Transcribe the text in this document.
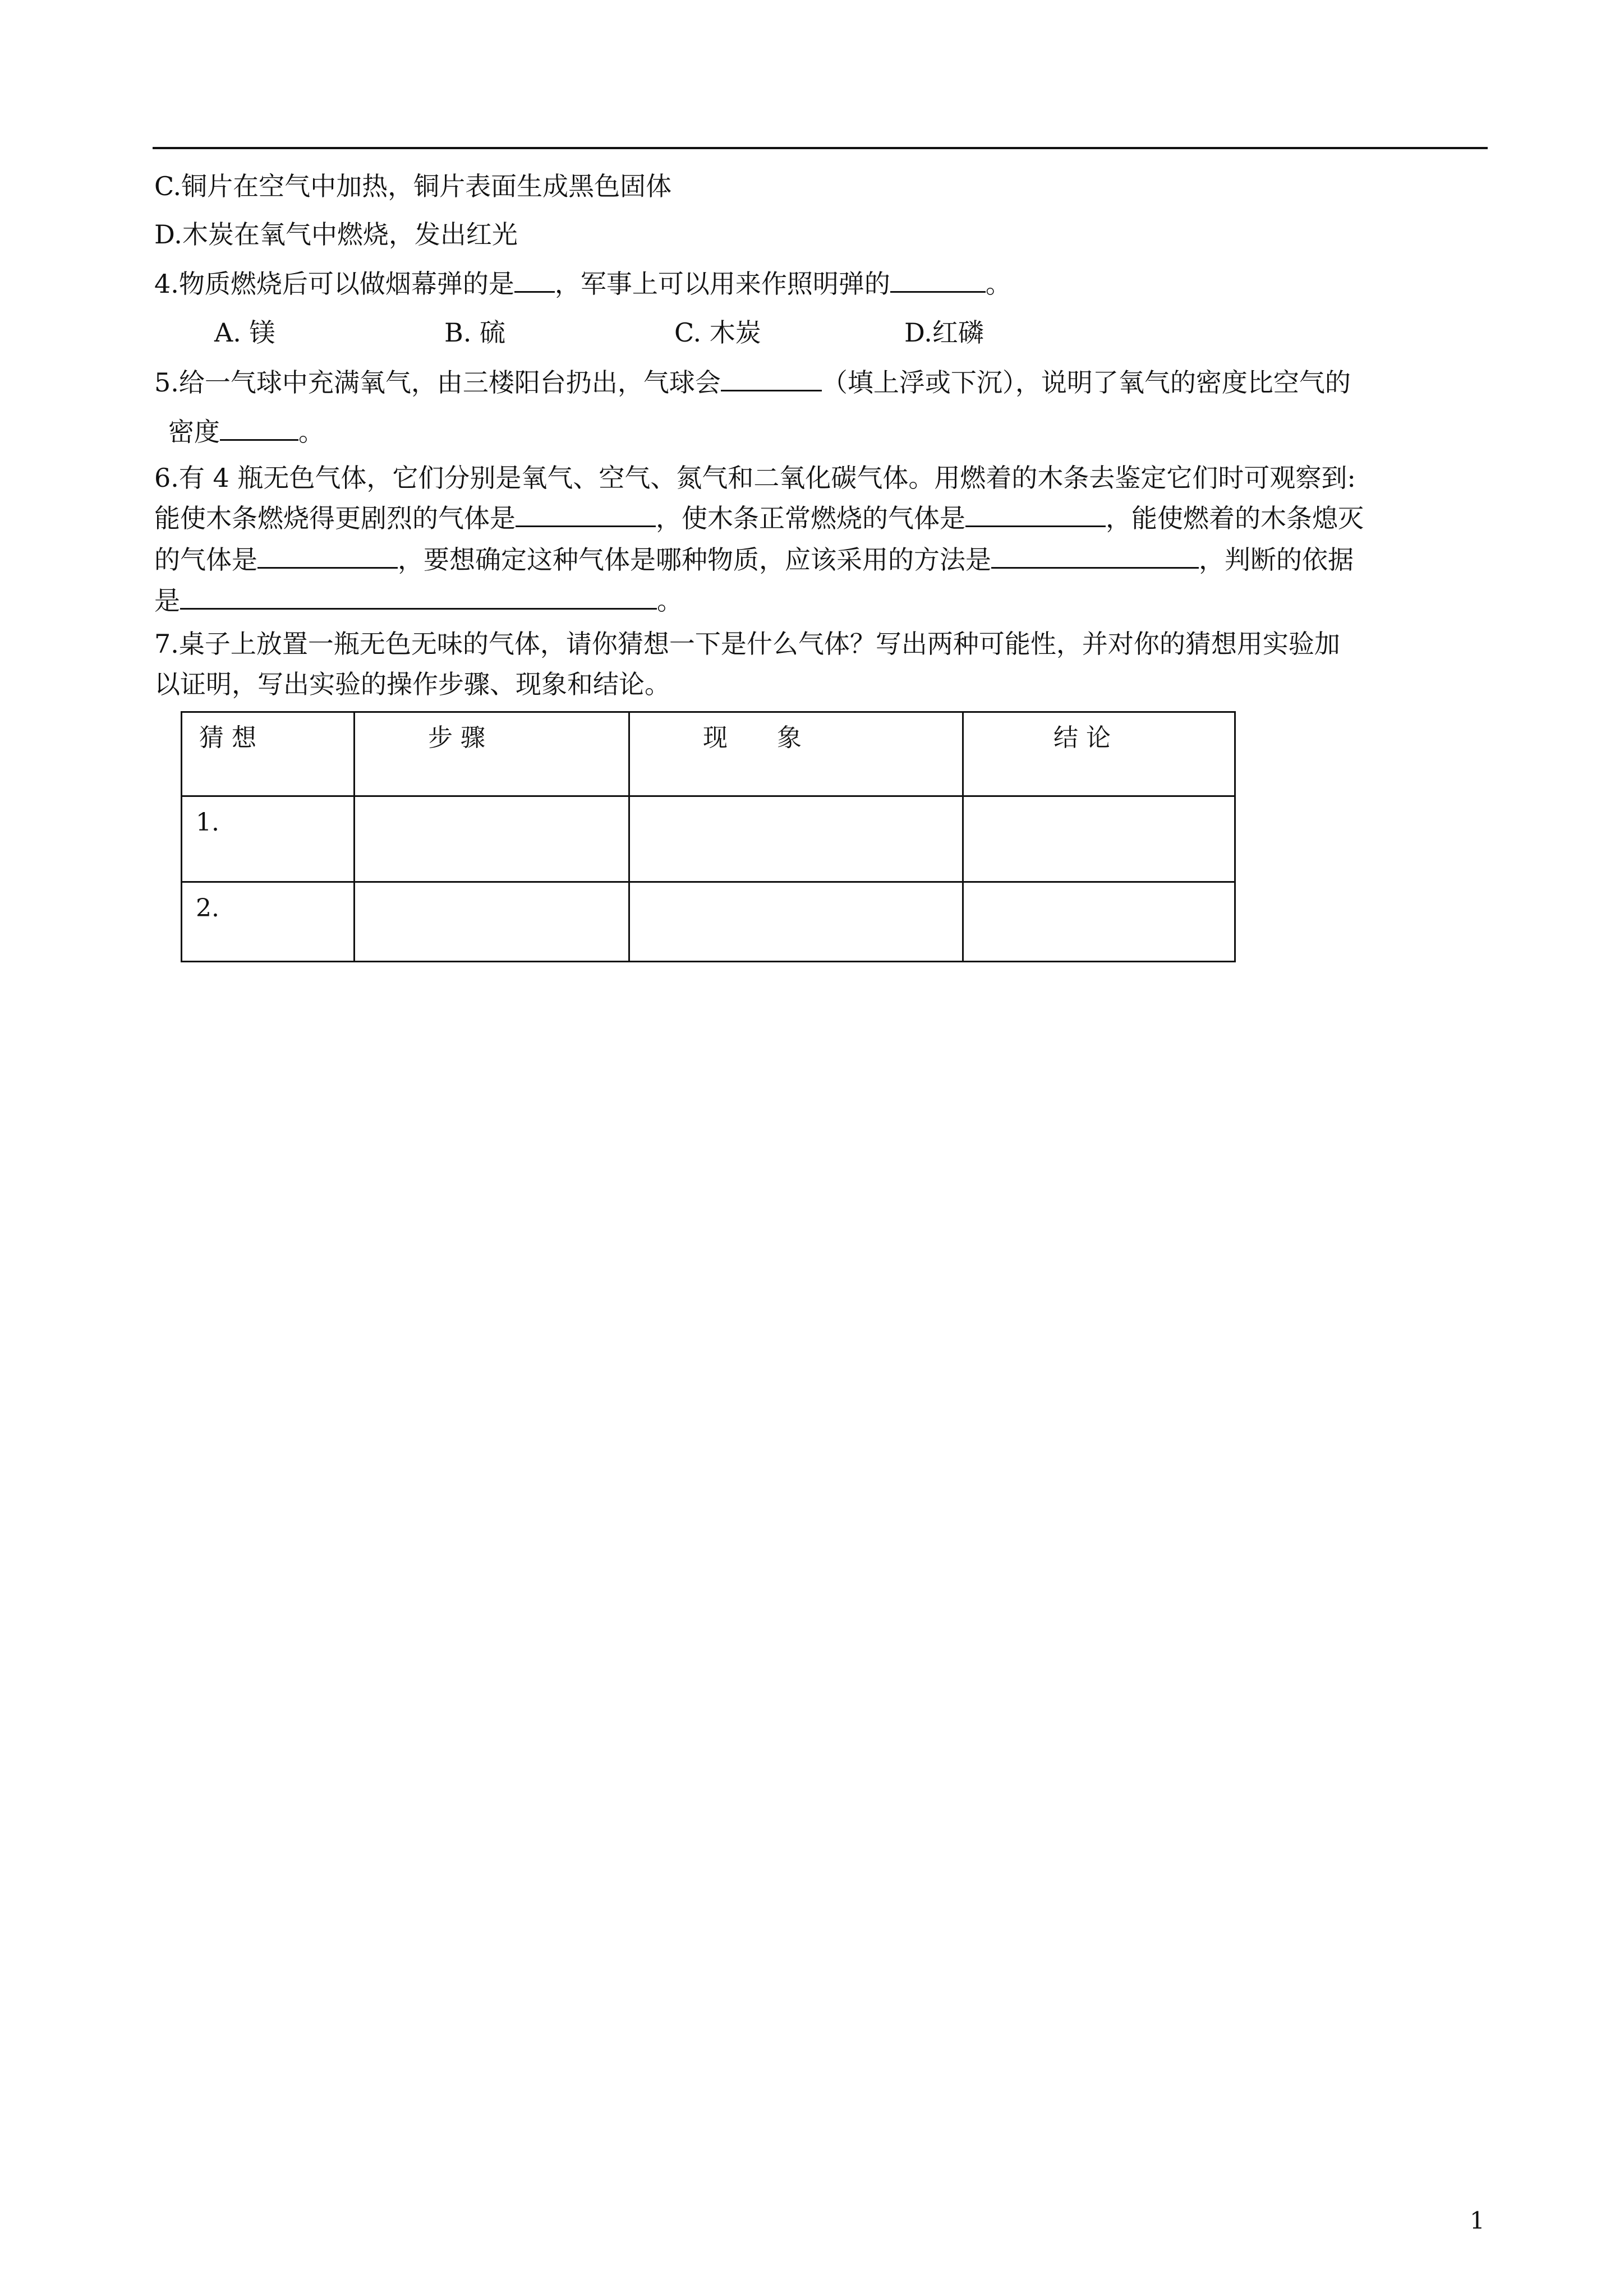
C.铜片在空气中加热，铜片表面生成黑色固体
D.木炭在氧气中燃烧，发出红光
4.物质燃烧后可以做烟幕弹的是 ，军事上可以用来作照明弹的	。
A. 镁	B. 硫	C. 木炭	D.红磷
5.给一气球中充满氧气，由三楼阳台扔出，气球会	（填上浮或下沉），说明了氧气的密度比空气的
密度	。
6.有 4 瓶无色气体，它们分别是氧气、空气、氮气和二氧化碳气体。用燃着的木条去鉴定它们时可观察到:
能使木条燃烧得更剧烈的气体是	，使木条正常燃烧的气体是	，能使燃着的木条熄灭
的气体是	，要想确定这种气体是哪种物质，应该采用的方法是	，判断的依据
是	。
7.桌子上放置一瓶无色无味的气体，请你猜想一下是什么气体？写出两种可能性，并对你的猜想用实验加
以证明，写出实验的操作步骤、现象和结论。
猜 想	步 骤	现　　象	结 论
1.			
2.			
1
